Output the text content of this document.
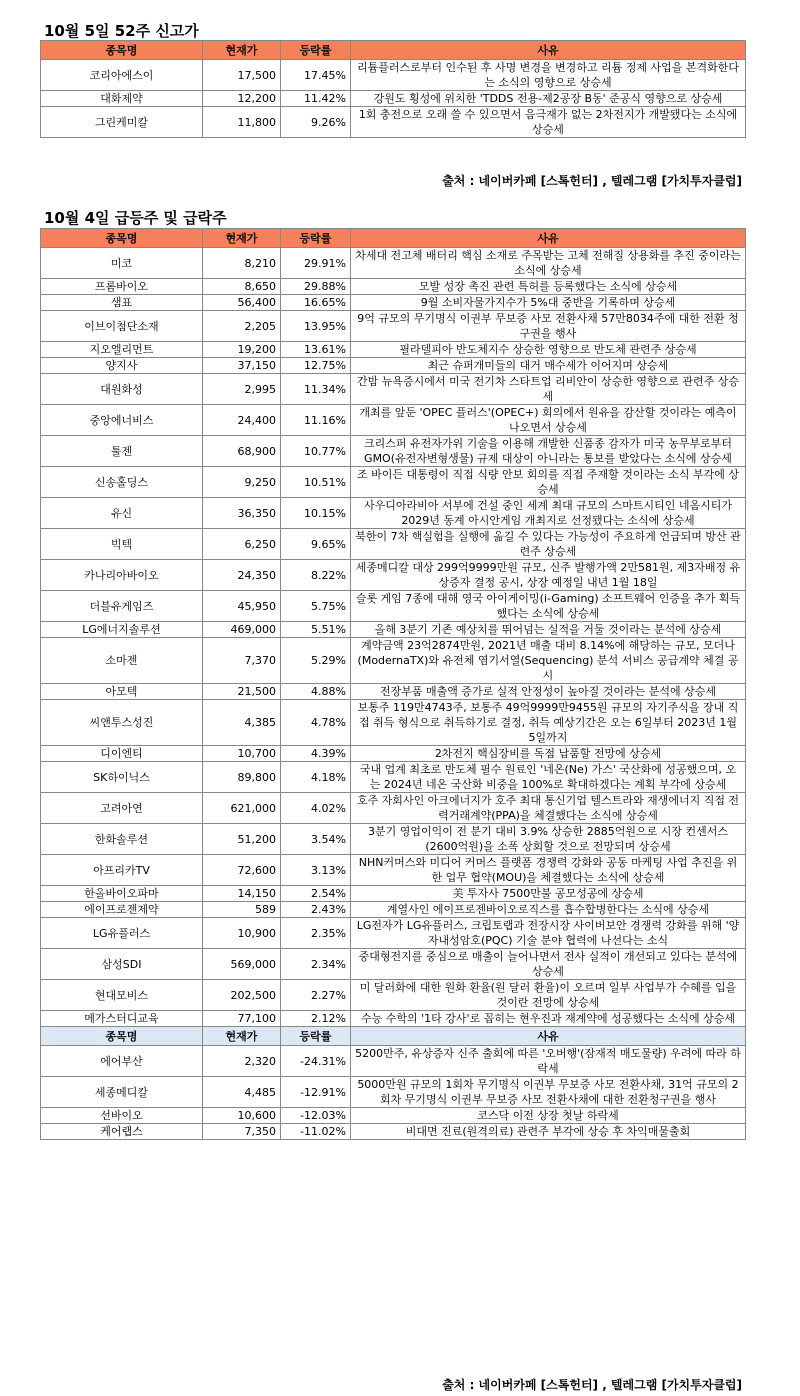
10월 5일 52주 신고가
종목명	현재가	등락률	사유
코리아에스이	17,500	17.45%	리튬플러스로부터 인수된 후 사명 변경을 변경하고 리튬 정제 사업을 본격화한다는 소식의 영향으로 상승세
대화제약	12,200	11.42%	강원도 횡성에 위치한 'TDDS 전용-제2공장 B동' 준공식 영향으로 상승세
그린케미칼	11,800	9.26%	1회 충전으로 오래 쓸 수 있으면서 음극재가 없는 2차전지가 개발됐다는 소식에 상승세
출처 : 네이버카페 [스톡헌터] , 텔레그램 [가치투자클럽]
10월 4일 급등주 및 급락주
종목명	현재가	등락률	사유
미코	8,210	29.91%	차세대 전고체 배터리 핵심 소재로 주목받는 고체 전해질 상용화를 추진 중이라는 소식에 상승세
프롬바이오	8,650	29.88%	모발 성장 촉진 관련 특허를 등록했다는 소식에 상승세
샘표	56,400	16.65%	9월 소비자물가지수가 5%대 중반을 기록하며 상승세
이브이첨단소재	2,205	13.95%	9억 규모의 무기명식 이권부 무보증 사모 전환사채 57만8034주에 대한 전환 청구권을 행사
지오엘리먼트	19,200	13.61%	필라델피아 반도체지수 상승한 영향으로 반도체 관련주 상승세
양지사	37,150	12.75%	최근 슈퍼개미들의 대거 매수세가 이어지며 상승세
대원화성	2,995	11.34%	간밤 뉴욕증시에서 미국 전기차 스타트업 리비안이 상승한 영향으로 관련주 상승세
중앙에너비스	24,400	11.16%	개최를 앞둔 'OPEC 플러스'(OPEC+) 회의에서 원유을 감산할 것이라는 예측이 나오면서 상승세
툴젠	68,900	10.77%	크리스퍼 유전자가위 기술을 이용해 개발한 신품종 감자가 미국 농무부로부터 GMO(유전자변형생물) 규제 대상이 아니라는 통보를 받았다는 소식에 상승세
신송홀딩스	9,250	10.51%	조 바이든 대통령이 직접 식량 안보 회의를 직접 주재할 것이라는 소식 부각에 상승세
유신	36,350	10.15%	사우디아라비아 서부에 건설 중인 세계 최대 규모의 스마트시티인 네옴시티가 2029년 동계 아시안게임 개최지로 선정됐다는 소식에 상승세
빅텍	6,250	9.65%	북한이 7차 핵실험을 실행에 옮길 수 있다는 가능성이 주요하게 언급되며 방산 관련주 상승세
카나리아바이오	24,350	8.22%	세종메디칼 대상 299억9999만원 규모, 신주 발행가액 2만581원, 제3자배정 유상증자 결정 공시, 상장 예정일 내년 1월 18일
더블유게임즈	45,950	5.75%	슬롯 게임 7종에 대해 영국 아이게이밍(i-Gaming) 소프트웨어 인증을 추가 획득했다는 소식에 상승세
LG에너지솔루션	469,000	5.51%	올해 3분기 기존 예상치를 뛰어넘는 실적을 거둘 것이라는 분석에 상승세
소마젠	7,370	5.29%	계약금액 23억2874만원, 2021년 매출 대비 8.14%에 해당하는 규모, 모더나(ModernaTX)와 유전체 염기서열(Sequencing) 분석 서비스 공급계약 체결 공시
아모텍	21,500	4.88%	전장부품 매출액 증가로 실적 안정성이 높아질 것이라는 분석에 상승세
씨앤투스성진	4,385	4.78%	보통주 119만4743주, 보통주 49억9999만9455원 규모의 자기주식을 장내 직접 취득 형식으로 취득하기로 결정, 취득 예상기간은 오는 6일부터 2023년 1월 5일까지
디이엔티	10,700	4.39%	2차전지 핵심장비를 독점 납품할 전망에 상승세
SK하이닉스	89,800	4.18%	국내 업계 최초로 반도체 필수 원료인 '네온(Ne) 가스' 국산화에 성공했으며, 오는 2024년 네온 국산화 비중을 100%로 확대하겠다는 계획 부각에 상승세
고려아연	621,000	4.02%	호주 자회사인 아크에너지가 호주 최대 통신기업 텔스트라와 재생에너지 직접 전력거래계약(PPA)을 체결했다는 소식에 상승세
한화솔루션	51,200	3.54%	3분기 영업이익이 전 분기 대비 3.9% 상승한 2885억원으로 시장 컨센서스(2600억원)을 소폭 상회할 것으로 전망되며 상승세
아프리카TV	72,600	3.13%	NHN커머스와 미디어 커머스 플랫폼 경쟁력 강화와 공동 마케팅 사업 추진을 위한 업무 협약(MOU)을 체결했다는 소식에 상승세
한올바이오파마	14,150	2.54%	美 투자사 7500만불 공모성공에 상승세
에이프로젠제약	589	2.43%	계열사인 에이프로젠바이오로직스를 흡수합병한다는 소식에 상승세
LG유플러스	10,900	2.35%	LG전자가 LG유플러스, 크립토랩과 전장시장 사이버보안 경쟁력 강화를 위해 '양자내성암호(PQC) 기술 분야 협력에 나선다는 소식
삼성SDI	569,000	2.34%	중대형전지를 중심으로 매출이 늘어나면서 전사 실적이 개선되고 있다는 분석에 상승세
현대모비스	202,500	2.27%	미 달러화에 대한 원화 환율(원 달러 환율)이 오르며 일부 사업부가 수혜를 입을 것이란 전망에 상승세
메가스터디교육	77,100	2.12%	수능 수학의 '1타 강사'로 꼽히는 현우진과 재계약에 성공했다는 소식에 상승세
종목명	현재가	등락률	사유
에어부산	2,320	-24.31%	5200만주, 유상증자 신주 출회에 따른 '오버행'(잠재적 매도물량) 우려에 따라 하락세
세종메디칼	4,485	-12.91%	5000만원 규모의 1회차 무기명식 이권부 무보증 사모 전환사채, 31억 규모의 2회차 무기명식 이권부 무보증 사모 전환사채에 대한 전환청구권을 행사
선바이오	10,600	-12.03%	코스닥 이전 상장 첫날 하락세
케어랩스	7,350	-11.02%	비대면 진료(원격의료) 관련주 부각에 상승 후 차익매물출회
출처 : 네이버카페 [스톡헌터] , 텔레그램 [가치투자클럽]
